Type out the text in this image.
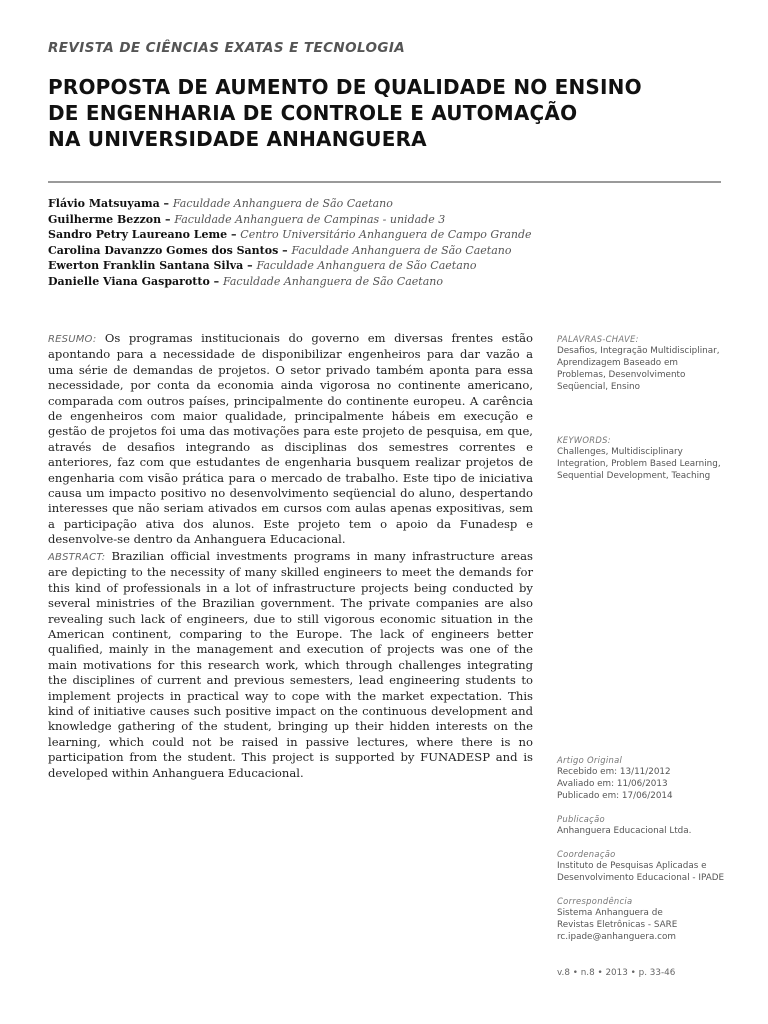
REVISTA DE CIÊNCIAS EXATAS E TECNOLOGIA
PROPOSTA DE AUMENTO DE QUALIDADE NO ENSINO
DE ENGENHARIA DE CONTROLE E AUTOMAÇÃO
NA UNIVERSIDADE ANHANGUERA
Flávio Matsuyama – Faculdade Anhanguera de São Caetano
Guilherme Bezzon – Faculdade Anhanguera de Campinas - unidade 3
Sandro Petry Laureano Leme – Centro Universitário Anhanguera de Campo Grande
Carolina Davanzzo Gomes dos Santos – Faculdade Anhanguera de São Caetano
Ewerton Franklin Santana Silva – Faculdade Anhanguera de São Caetano
Danielle Viana Gasparotto – Faculdade Anhanguera de São Caetano
RESUMO: Os programas institucionais do governo em diversas frentes estão apontando para a necessidade de disponibilizar engenheiros para dar vazão a uma série de demandas de projetos. O setor privado também aponta para essa necessidade, por conta da economia ainda vigorosa no continente americano, comparada com outros países, principalmente do continente europeu. A carência de engenheiros com maior qualidade, principalmente hábeis em execução e gestão de projetos foi uma das motivações para este projeto de pesquisa, em que, através de desafios integrando as disciplinas dos semestres correntes e anteriores, faz com que estudantes de engenharia busquem realizar projetos de engenharia com visão prática para o mercado de trabalho. Este tipo de iniciativa causa um impacto positivo no desenvolvimento seqüencial do aluno, despertando interesses que não seriam ativados em cursos com aulas apenas expositivas, sem a participação ativa dos alunos. Este projeto tem o apoio da Funadesp e desenvolve-se dentro da Anhanguera Educacional.
ABSTRACT: Brazilian official investments programs in many infrastructure areas are depicting to the necessity of many skilled engineers to meet the demands for this kind of professionals in a lot of infrastructure projects being conducted by several ministries of the Brazilian government. The private companies are also revealing such lack of engineers, due to still vigorous economic situation in the American continent, comparing to the Europe. The lack of engineers better qualified, mainly in the management and execution of projects was one of the main motivations for this research work, which through challenges integrating the disciplines of current and previous semesters, lead engineering students to implement projects in practical way to cope with the market expectation. This kind of initiative causes such positive impact on the continuous development and knowledge gathering of the student, bringing up their hidden interests on the learning, which could not be raised in passive lectures, where there is no participation from the student. This project is supported by FUNADESP and is developed within Anhanguera Educacional.
PALAVRAS-CHAVE:
Desafios, Integração Multidisciplinar, Aprendizagem Baseado em Problemas, Desenvolvimento Seqüencial, Ensino
KEYWORDS:
Challenges, Multidisciplinary Integration, Problem Based Learning, Sequential Development, Teaching
Artigo Original
Recebido em: 13/11/2012
Avaliado em: 11/06/2013
Publicado em: 17/06/2014
Publicação
Anhanguera Educacional Ltda.
Coordenação
Instituto de Pesquisas Aplicadas e
Desenvolvimento Educacional - IPADE
Correspondência
Sistema Anhanguera de
Revistas Eletrônicas - SARE
rc.ipade@anhanguera.com
v.8 • n.8 • 2013 • p. 33-46
